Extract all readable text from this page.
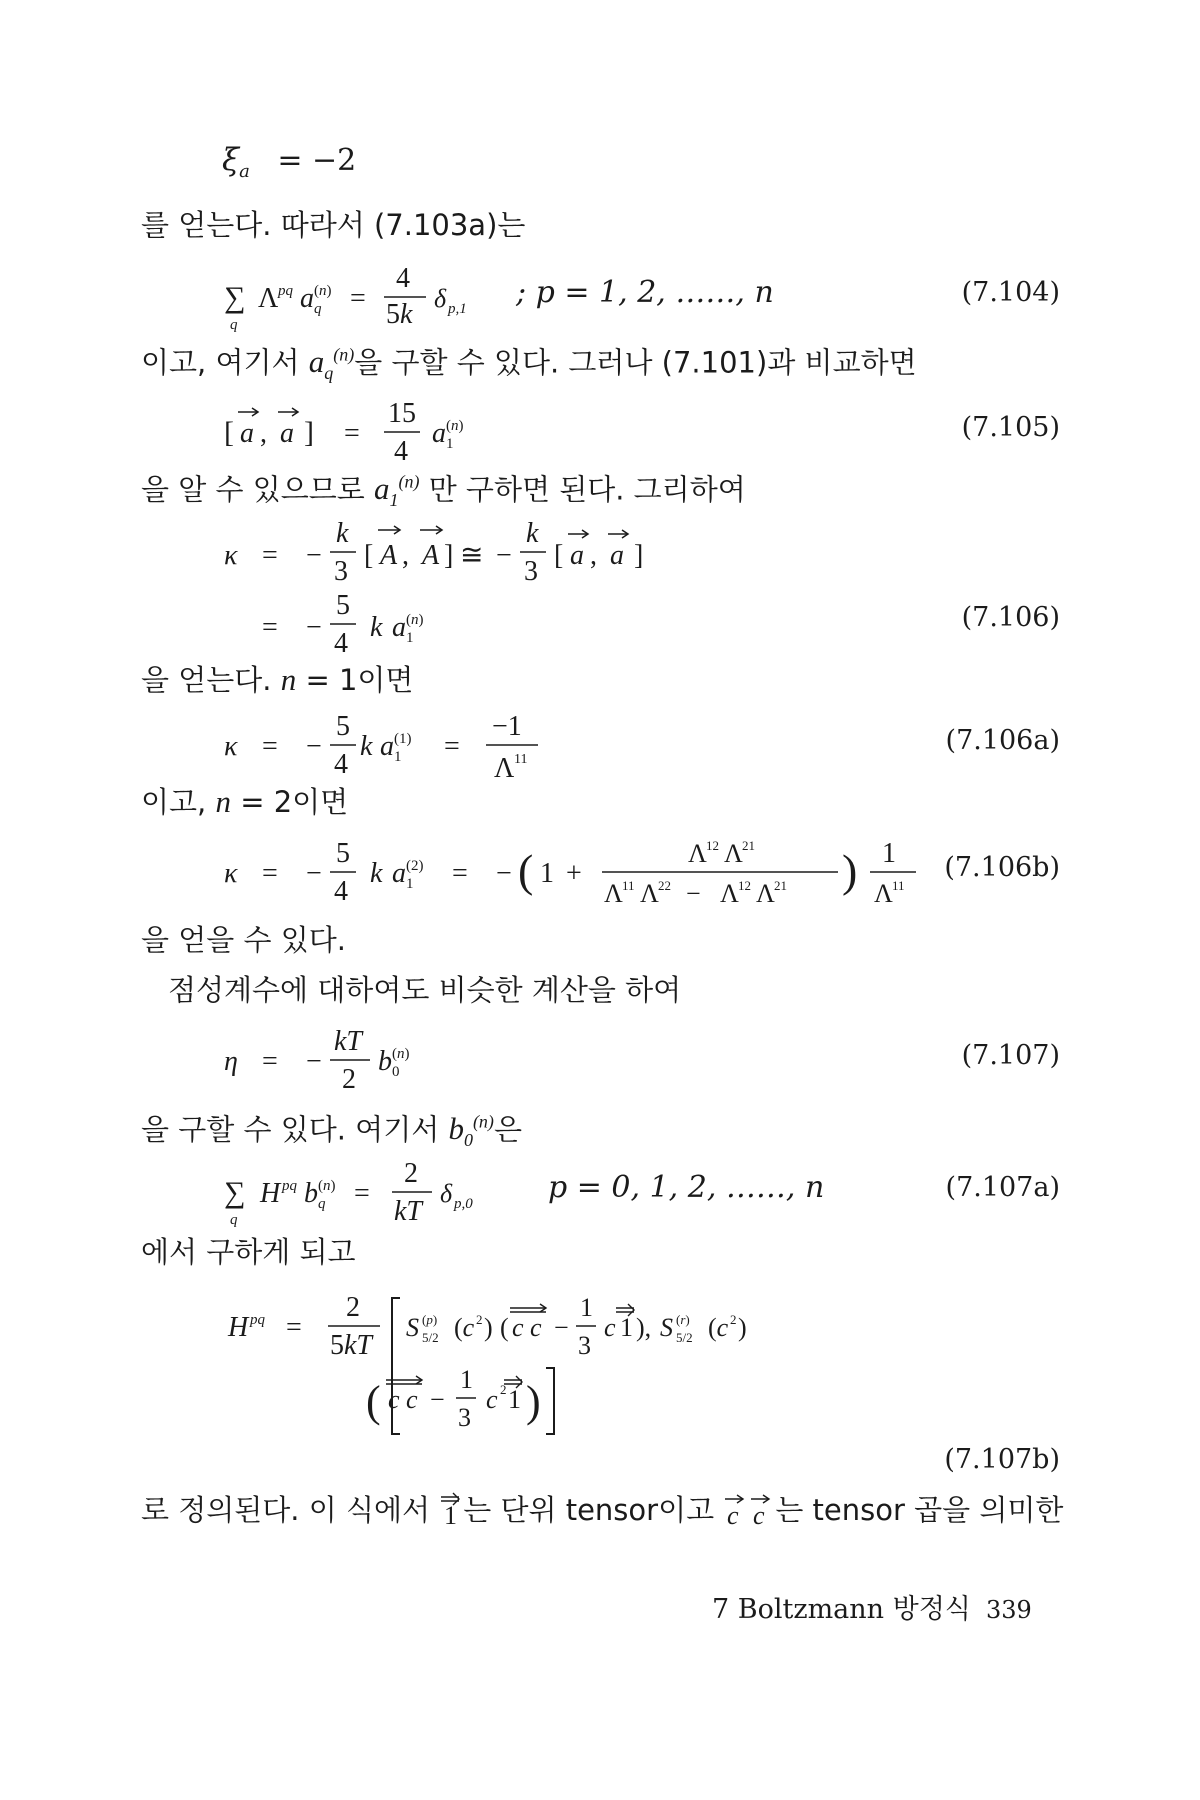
$\xi_a = -2$
를 얻는다. 따라서 (7.103a)는
∑
q
Λ pq a q
(n) =
4
5k
δ p,1 ; p = 1, 2, ……, n	(7.104)
이고, 여기서 $a_q^{(n)}$을 구할 수 있다. 그러나 (7.101)과 비교하면
[ a , a ] =
15
4
a 1
(n)	(7.105)
을 알 수 있으므로 $a_1^{(n)}$ 만 구하면 된다. 그리하여
κ = −
k
3
[ A , A ] ≅ −
k
3
[ a , a ]
= −
5
4
k a 1
(n)	(7.106)
을 얻는다. n = 1이면
κ = −
5
4
k a 1
(1) =
−1
Λ 11
(7.106a)
이고, n = 2이면
κ = −
5
4
k a 1
(2) = − ( 1 +
Λ 12 Λ 21
Λ 11 Λ 22 − Λ 12 Λ 21 ) 1
Λ 11
(7.106b)
을 얻을 수 있다.
점성계수에 대하여도 비슷한 계산을 하여
η = −
kT
2
b 0
(n)	(7.107)
을 구할 수 있다. 여기서 $b_0^{(n)}$은
∑
q
H pq b q
(n) =
2
kT
δ p,0	p = 0, 1, 2, ……, n	(7.107a)
에서 구하게 되고
H pq =
2
5kT
S 5/2
(p) (c 2 ) ( c c −
1
3
c 1 ), S 5/2
(r) (c 2 )
( c c −
1
3
c 2 1 )
(7.107b)
로 정의된다. 이 식에서 1 는 단위 tensor이고 c c 는 tensor 곱을 의미한
7 Boltzmann 방정식 339
